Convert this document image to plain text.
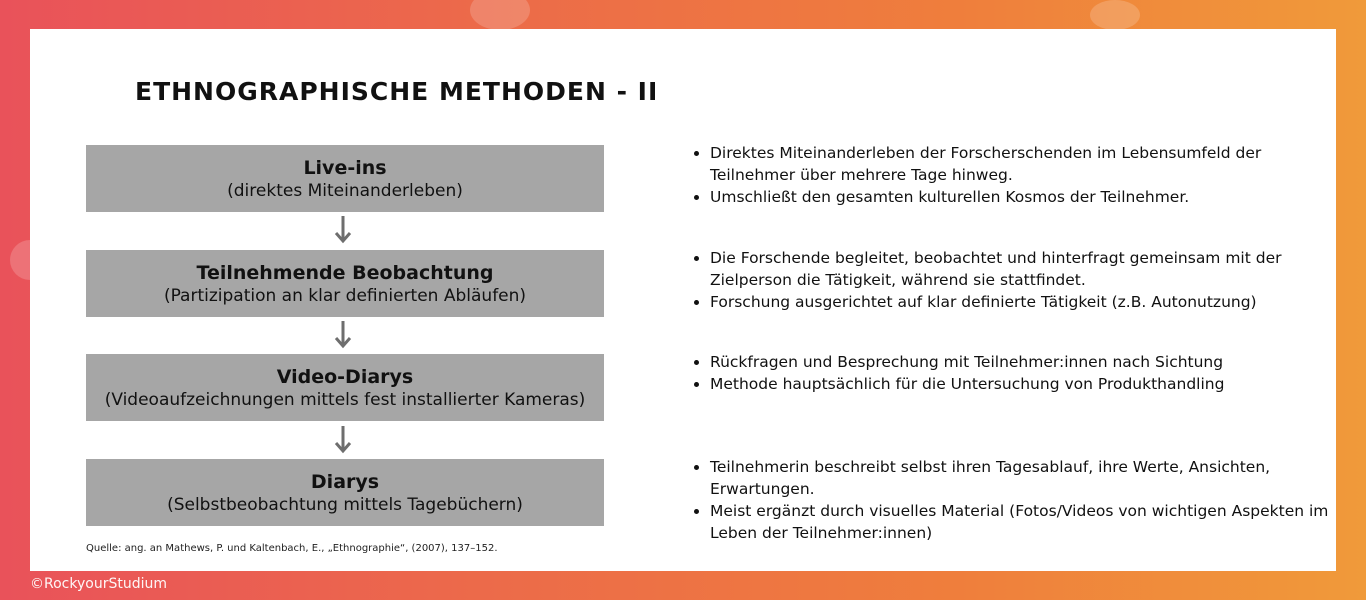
ETHNOGRAPHISCHE METHODEN - II
Live-ins
(direktes Miteinanderleben)
Teilnehmende Beobachtung
(Partizipation an klar definierten Abläufen)
Video-Diarys
(Videoaufzeichnungen mittels fest installierter Kameras)
Diarys
(Selbstbeobachtung mittels Tagebüchern)
Quelle: ang. an Mathews, P. und Kaltenbach, E., „Ethnographie“, (2007), 137–152.
• Direktes Miteinanderleben der Forscherschenden im Lebensumfeld der Teilnehmer über mehrere Tage hinweg.
• Umschließt den gesamten kulturellen Kosmos der Teilnehmer.
• Die Forschende begleitet, beobachtet und hinterfragt gemeinsam mit der Zielperson die Tätigkeit, während sie stattfindet.
• Forschung ausgerichtet auf klar definierte Tätigkeit (z.B. Autonutzung)
• Rückfragen und Besprechung mit Teilnehmer:innen nach Sichtung
• Methode hauptsächlich für die Untersuchung von Produkthandling
• Teilnehmerin beschreibt selbst ihren Tagesablauf, ihre Werte, Ansichten, Erwartungen.
• Meist ergänzt durch visuelles Material (Fotos/Videos von wichtigen Aspekten im Leben der Teilnehmer:innen)
©RockyourStudium
